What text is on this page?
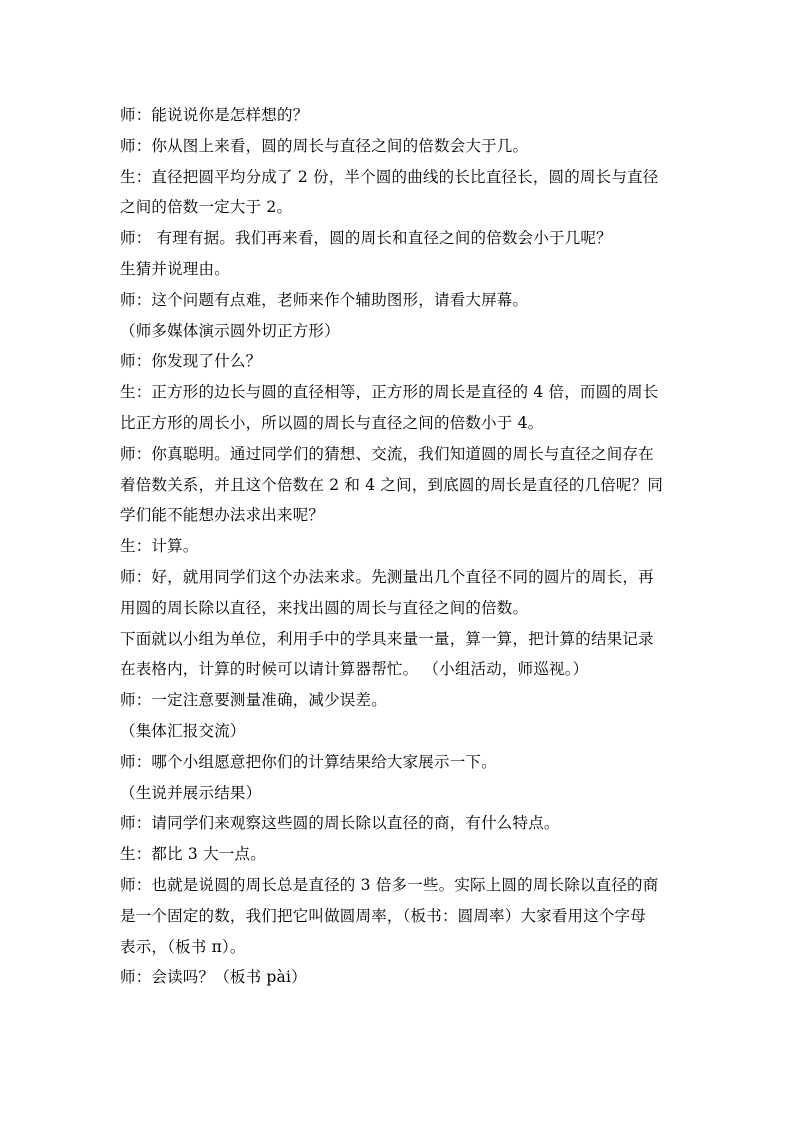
师：能说说你是怎样想的？
师：你从图上来看，圆的周长与直径之间的倍数会大于几。
生：直径把圆平均分成了 2 份，半个圆的曲线的长比直径长，圆的周长与直径
之间的倍数一定大于 2。
师： 有理有据。我们再来看，圆的周长和直径之间的倍数会小于几呢？
生猜并说理由。
师：这个问题有点难，老师来作个辅助图形，请看大屏幕。
（师多媒体演示圆外切正方形）
师：你发现了什么？
生：正方形的边长与圆的直径相等，正方形的周长是直径的 4 倍，而圆的周长
比正方形的周长小，所以圆的周长与直径之间的倍数小于 4。
师：你真聪明。通过同学们的猜想、交流，我们知道圆的周长与直径之间存在
着倍数关系，并且这个倍数在 2 和 4 之间，到底圆的周长是直径的几倍呢？同
学们能不能想办法求出来呢？
生：计算。
师：好，就用同学们这个办法来求。先测量出几个直径不同的圆片的周长，再
用圆的周长除以直径，来找出圆的周长与直径之间的倍数。
下面就以小组为单位，利用手中的学具来量一量，算一算，把计算的结果记录
在表格内，计算的时候可以请计算器帮忙。 （小组活动，师巡视。）
师：一定注意要测量准确，减少误差。
（集体汇报交流）
师：哪个小组愿意把你们的计算结果给大家展示一下。
（生说并展示结果）
师：请同学们来观察这些圆的周长除以直径的商，有什么特点。
生：都比 3 大一点。
师：也就是说圆的周长总是直径的 3 倍多一些。实际上圆的周长除以直径的商
是一个固定的数，我们把它叫做圆周率，（板书：圆周率）大家看用这个字母
表示，（板书 π）。
师：会读吗？（板书 pài）
